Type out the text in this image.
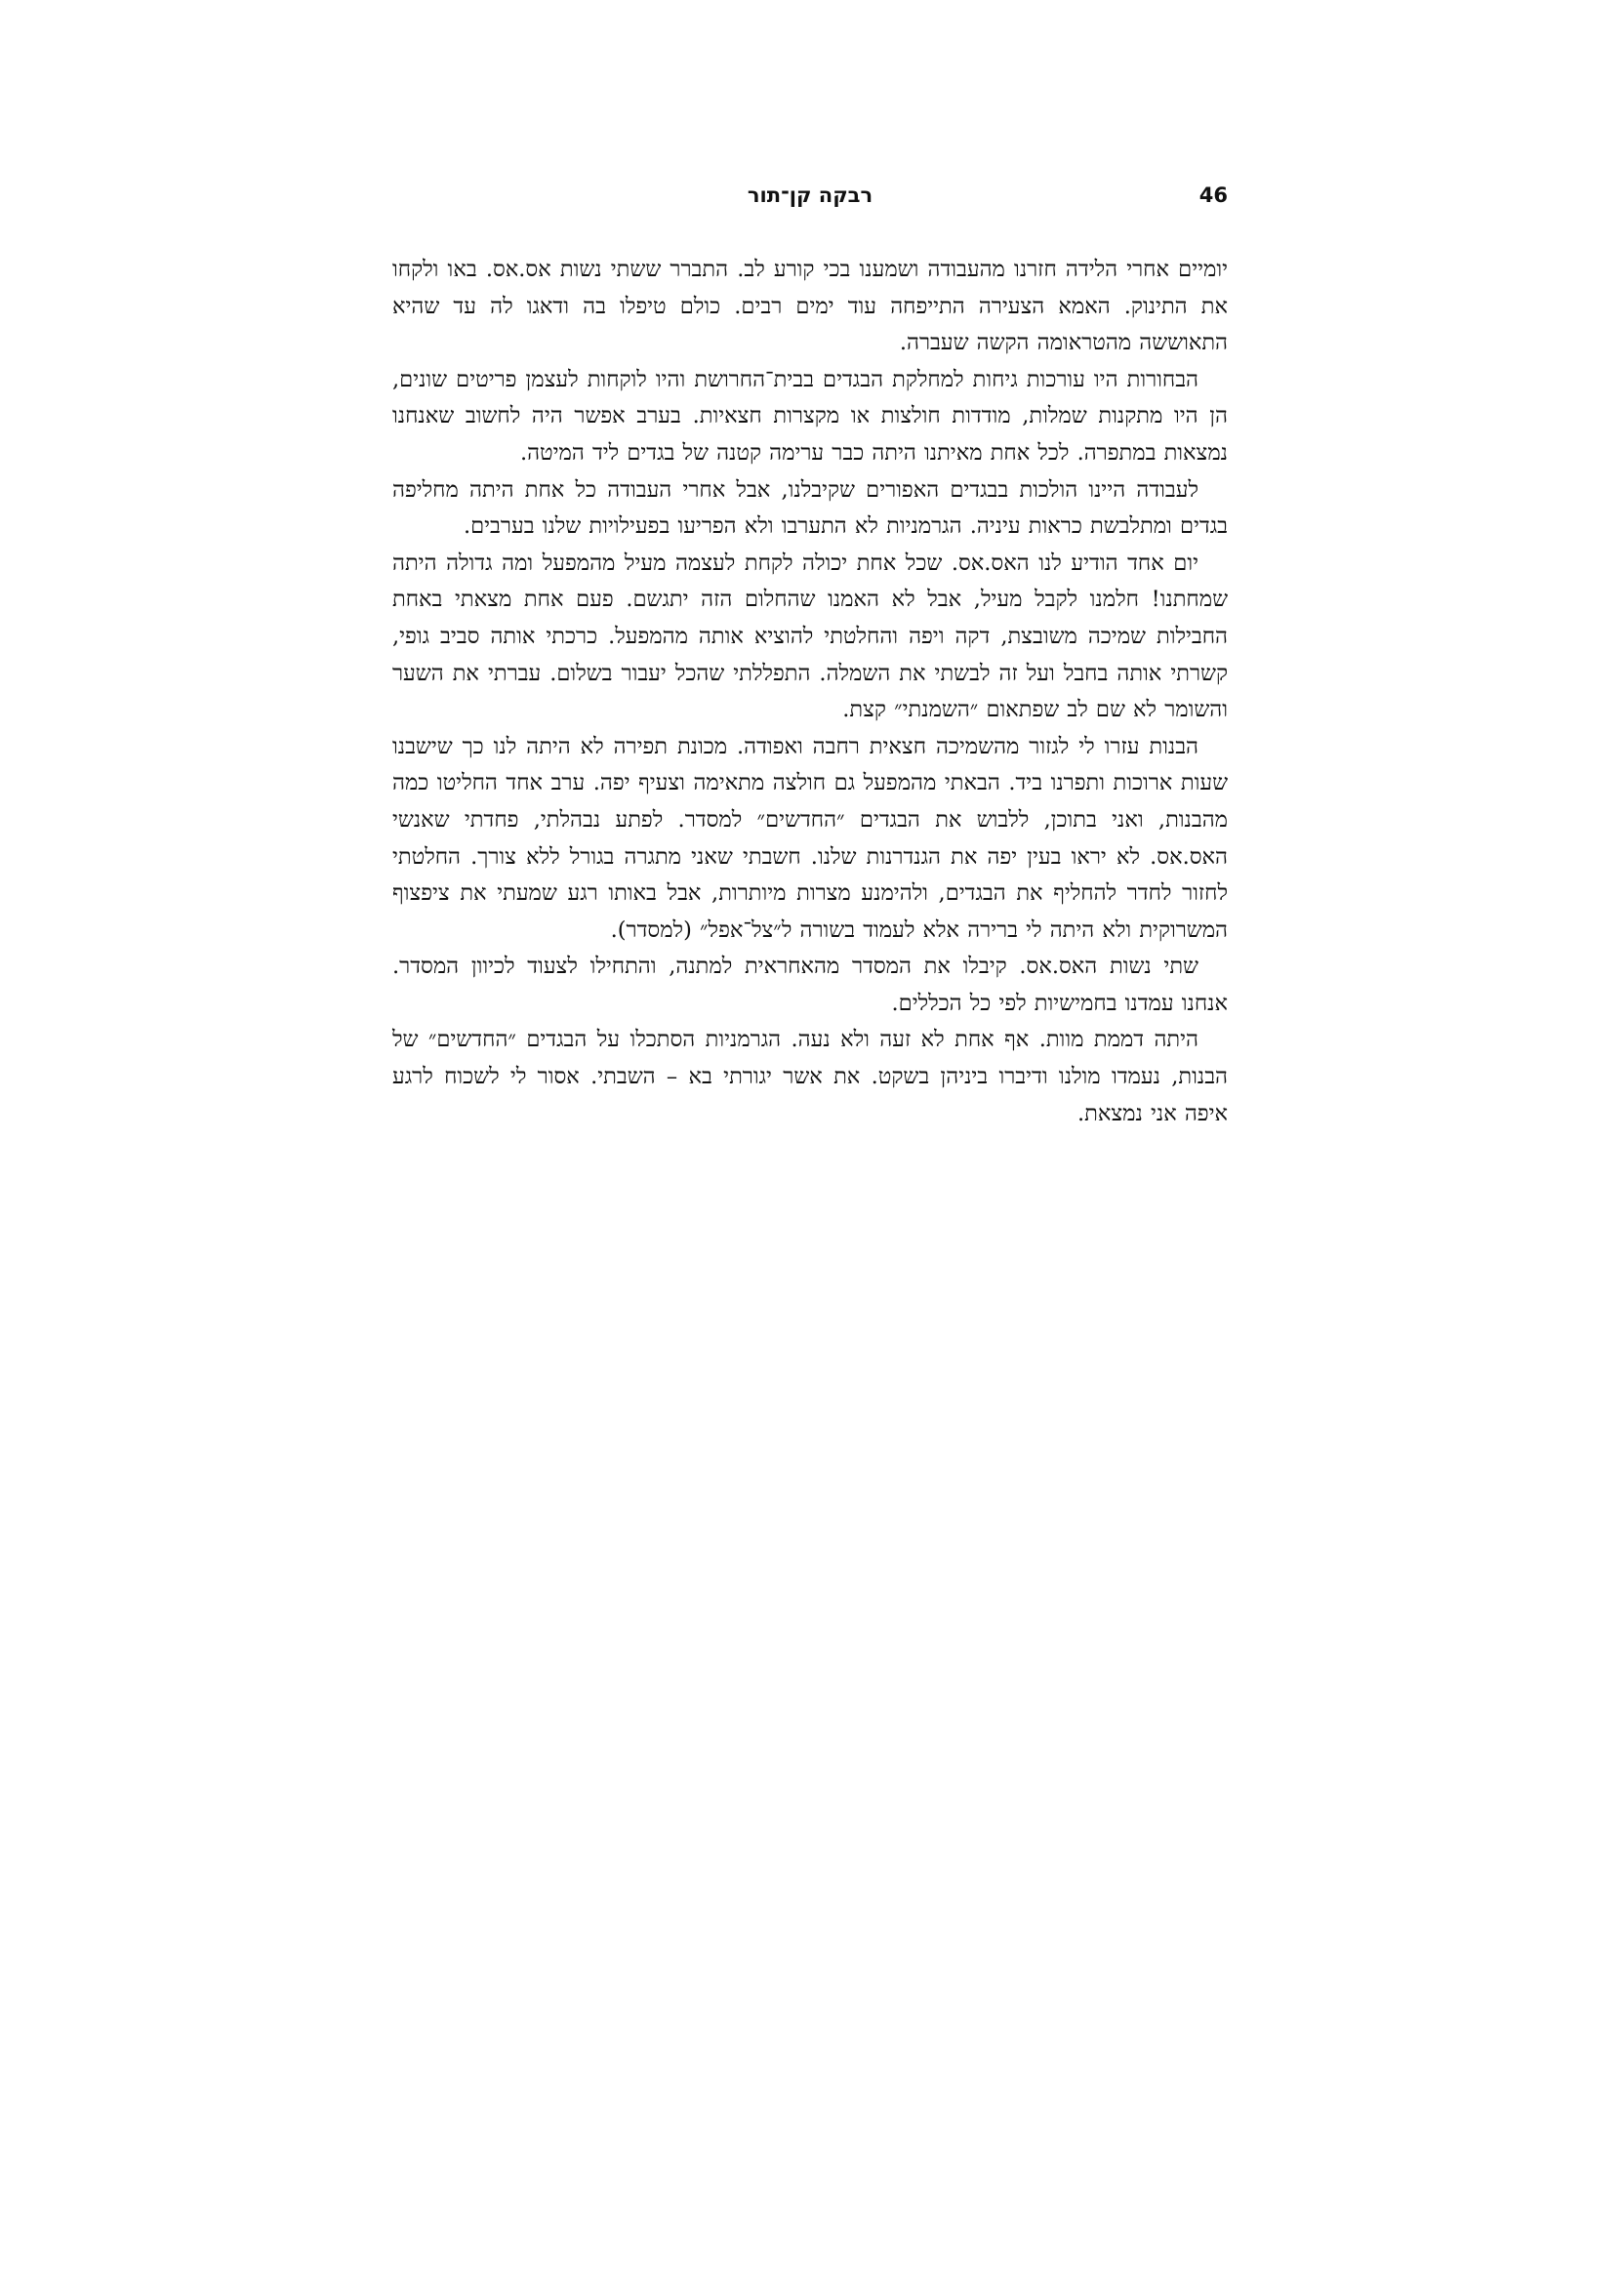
רבקה קן־תור	46

יומיים אחרי הלידה חזרנו מהעבודה ושמענו בכי קורע לב. התברר ששתי נשות אס.אס. באו ולקחו את התינוק. האמא הצעירה התייפחה עוד ימים רבים. כולם טיפלו בה ודאגו לה עד שהיא התאוששה מהטראומה הקשה שעברה.

הבחורות היו עורכות גיחות למחלקת הבגדים בבית־החרושת והיו לוקחות לעצמן פריטים שונים, הן היו מתקנות שמלות, מודדות חולצות או מקצרות חצאיות. בערב אפשר היה לחשוב שאנחנו נמצאות במתפרה. לכל אחת מאיתנו היתה כבר ערימה קטנה של בגדים ליד המיטה.

לעבודה היינו הולכות בבגדים האפורים שקיבלנו, אבל אחרי העבודה כל אחת היתה מחליפה בגדים ומתלבשת כראות עיניה. הגרמניות לא התערבו ולא הפריעו בפעילויות שלנו בערבים.

יום אחד הודיע לנו האס.אס. שכל אחת יכולה לקחת לעצמה מעיל מהמפעל ומה גדולה היתה שמחתנו! חלמנו לקבל מעיל, אבל לא האמנו שהחלום הזה יתגשם. פעם אחת מצאתי באחת החבילות שמיכה משובצת, דקה ויפה והחלטתי להוציא אותה מהמפעל. כרכתי אותה סביב גופי, קשרתי אותה בחבל ועל זה לבשתי את השמלה. התפללתי שהכל יעבור בשלום. עברתי את השער והשומר לא שם לב שפתאום ״השמנתי״ קצת.

הבנות עזרו לי לגזור מהשמיכה חצאית רחבה ואפודה. מכונת תפירה לא היתה לנו כך שישבנו שעות ארוכות ותפרנו ביד. הבאתי מהמפעל גם חולצה מתאימה וצעיף יפה. ערב אחד החליטו כמה מהבנות, ואני בתוכן, ללבוש את הבגדים ״החדשים״ למסדר. לפתע נבהלתי, פחדתי שאנשי האס.אס. לא יראו בעין יפה את הגנדרנות שלנו. חשבתי שאני מתגרה בגורל ללא צורך. החלטתי לחזור לחדר להחליף את הבגדים, ולהימנע מצרות מיותרות, אבל באותו רגע שמעתי את ציפצוף המשרוקית ולא היתה לי ברירה אלא לעמוד בשורה ל״צל־אפל״ (למסדר).

שתי נשות האס.אס. קיבלו את המסדר מהאחראית למתנה, והתחילו לצעוד לכיוון המסדר. אנחנו עמדנו בחמישיות לפי כל הכללים.

היתה דממת מוות. אף אחת לא זעה ולא נעה. הגרמניות הסתכלו על הבגדים ״החדשים״ של הבנות, נעמדו מולנו ודיברו ביניהן בשקט. את אשר יגורתי בא – השבתי. אסור לי לשכוח לרגע איפה אני נמצאת.
